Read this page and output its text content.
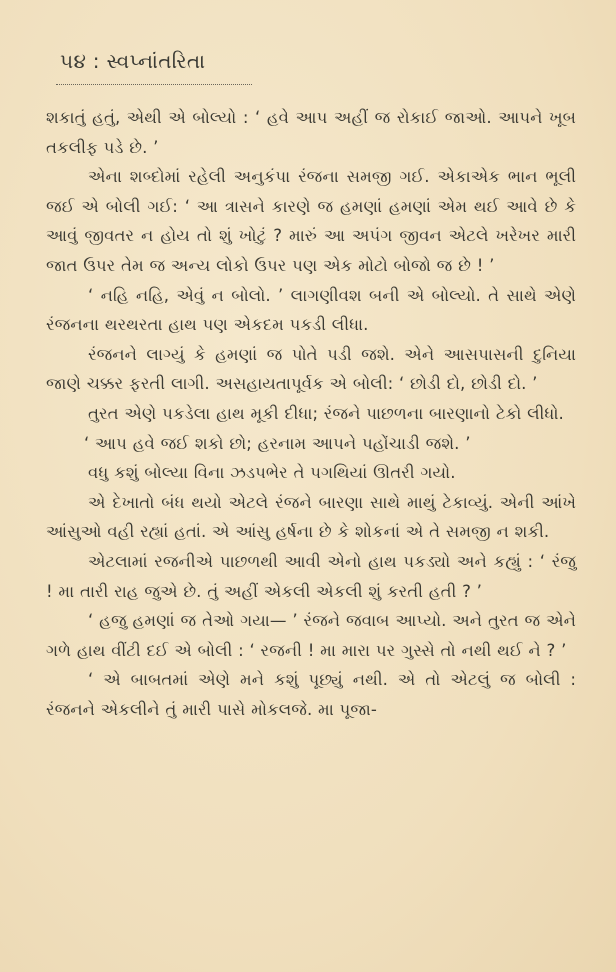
૫૪ : સ્વપ્નાંતરિતા

શકાતું હતું, એથી એ બોલ્યો : ‘ હવે આપ અહીં જ રોકાઈ જાઓ. આપને ખૂબ તકલીફ પડે છે. ’

એના શબ્દોમાં રહેલી અનુકંપા રંજના સમજી ગઈ. એકાએક ભાન ભૂલી જઈ એ બોલી ગઈ: ‘ આ ત્રાસને કારણે જ હમણાં હમણાં એમ થઈ આવે છે કે આવું જીવતર ન હોય તો શું ખોટું ? મારું આ અપંગ જીવન એટલે ખરેખર મારી જાત ઉપર તેમ જ અન્ય લોકો ઉપર પણ એક મોટો બોજો જ છે ! ’

‘ નહિ નહિ, એવું ન બોલો. ’ લાગણીવશ બની એ બોલ્યો. તે સાથે એણે રંજનના થરથરતા હાથ પણ એકદમ પકડી લીધા.

રંજનને લાગ્યું કે હમણાં જ પોતે પડી જશે. એને આસપાસની દુનિયા જાણે ચક્કર ફરતી લાગી. અસહાયતાપૂર્વક એ બોલી: ‘ છોડી દો, છોડી દો. ’

તુરત એણે પકડેલા હાથ મૂકી દીધા; રંજને પાછળના બારણાનો ટેકો લીધો.

‘ આપ હવે જઈ શકો છો; હરનામ આપને પહોંચાડી જશે. ’

વધુ કશું બોલ્યા વિના ઝડપભેર તે પગથિયાં ઊતરી ગયો.

એ દેખાતો બંધ થયો એટલે રંજને બારણા સાથે માથું ટેકાવ્યું. એની આંખે આંસુઓ વહી રહ્યાં હતાં. એ આંસુ હર્ષના છે કે શોકનાં એ તે સમજી ન શકી.

એટલામાં રજનીએ પાછળથી આવી એનો હાથ પકડ્યો અને કહ્યું : ‘ રંજુ ! મા તારી રાહ જુએ છે. તું અહીં એકલી એકલી શું કરતી હતી ? ’

‘ હજુ હમણાં જ તેઓ ગયા— ’ રંજને જવાબ આપ્યો. અને તુરત જ એને ગળે હાથ વીંટી દઈ એ બોલી : ‘ રજની ! મા મારા પર ગુસ્સે તો નથી થઈ ને ? ’

‘ એ બાબતમાં એણે મને કશું પૂછ્યું નથી. એ તો એટલું જ બોલી : રંજનને એકલીને તું મારી પાસે મોકલજે. મા પૂજા-
